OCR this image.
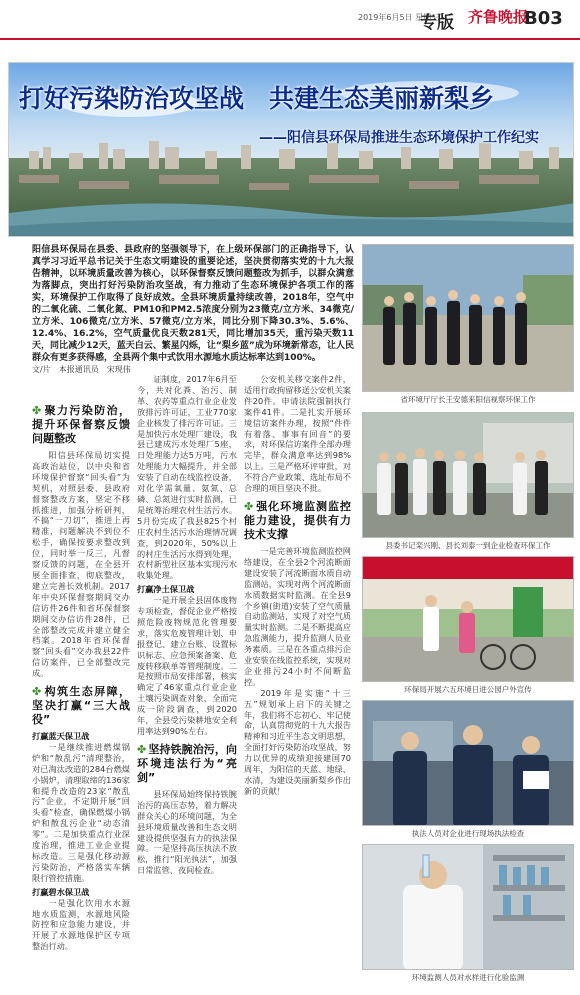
2019年6月5日 星期三
专版 齐鲁晚报
B03
打好污染防治攻坚战　共建生态美丽新梨乡
——阳信县环保局推进生态环境保护工作纪实
阳信县环保局在县委、县政府的坚强领导下，在上级环保部门的正确指导下，认真学习习近平总书记关于生态文明建设的重要论述，坚决贯彻落实党的十九大报告精神，以环境质量改善为核心，以环保督察反馈问题整改为抓手，以群众满意为落脚点，突出打好污染防治攻坚战，有力推动了生态环境保护各项工作的落实，环境保护工作取得了良好成效。全县环境质量持续改善，2018年，空气中的二氧化硫、二氧化氮、PM10和PM2.5浓度分别为23微克/立方米、34微克/立方米、106微克/立方米、57微克/立方米，同比分别下降30.3%、5.6%、12.4%、16.2%，空气质量优良天数281天，同比增加35天，重污染天数11天，同比减少12天，蓝天白云、繁星闪烁，让“梨乡蓝”成为环境新常态，让人民群众有更多获得感，全县两个集中式饮用水源地水质达标率达到100%。
文/片　本报通讯员　宋现伟
✤ 聚力污染防治，提升环保督察反馈问题整改

阳信县环保局切实提高政治站位，以中央和省环境保护督察“回头看”为契机，对照县委、县政府督察整改方案，坚定不移抓推进，加强分析研判，不搞“一刀切”，推进上再精准，问题解决不到位不松手，确保按要求整改到位，同时举一反三，凡督察反馈的问题，在全县开展全面排查，彻底整改，建立完善长效机制。2017年中央环保督察期间交办信访件26件和省环保督察期间交办信访件28件，已全部整改完成并建立健全档案。2018年省环保督察“回头看”交办我县22件信访案件，已全部整改完成。

✤ 构筑生态屏障，坚决打赢“三大战役”
打赢蓝天保卫战

一是继续推进燃煤锅炉和“散乱污”清理整治，对已淘汰改造的284台燃煤小锅炉，清理取缔的136家和提升改造的23家“散乱污”企业，不定期开展“回头看”检查，确保燃煤小锅炉和散乱污企业“动态清零”。二是加快重点行业深度治理，推进工业企业提标改造。三是强化移动源污染防治，严格落实车辆限行管控措施。

打赢碧水保卫战

一是强化饮用水水源地水质监测，水源地风险防控和应急能力建设，并开展了水源地保护区专项整治行动。

证制度，2017年6月至今，共对化粪、治污、制革、农药等重点行业企业发放排污许可证，工业770家企业核发了排污许可证。三是加快污水处理厂建设，我县已建成污水处理厂5座，日处理能力达5万吨，污水处理能力大幅提升，并全部安装了自动在线监控设备，对化学需氧量、氨氮、总磷、总氮进行实时监测，已是统筹治理农村生活污水。5月份完成了我县825个村庄农村生活污水治理情况调查，到2020年，50%以上的村庄生活污水得到处理，农村新型社区基本实现污水收集处理。

打赢净土保卫战

一是开展全县固体废物专项检查，督促企业严格按照危险废物规范化管理要求，落实危废管理计划、申报登记、建立台账、设置标识标志、应急预案备案、危废转移联单等管理制度。二是按照市局安排部署，核实确定了46家重点行业企业土壤污染调查对象，全面完成一阶段调查，到2020年，全县受污染耕地安全利用率达到90%左右。

✤ 坚持铁腕治污，向环境违法行为“亮剑”

县环保局始终保持铁腕治污的高压态势，着力解决群众关心的环境问题，为全县环境质量改善和生态文明建设提供坚强有力的执法保障。一是坚持高压执法不放松，推行“阳光执法”，加强日常监管、夜间检查。

公安机关移交案件2件，适用行政拘留移送公安机关案件20件。申请法院强制执行案件41件。二是扎实开展环境信访案件办理，按照“件件有着落、事事有回音”的要求，对环保信访案件全部办理完毕，群众满意率达到98%以上。三是严格环评审批，对不符合产业政策、选址布局不合理的项目坚决不批。

✤ 强化环境监测监控能力建设，提供有力技术支撑

一是完善环境监测监控网络建设，在全县2个河流断面建设安装了河流断面水质自动监测站，实现对两个河流断面水质数据实时监测。在全县9个乡镇(街道)安装了空气质量自动监测站，实现了对空气质量实时监测。二是不断提高应急监测能力，提升监测人员业务素质。三是在各重点排污企业安装在线监控系统，实现对企业排污24小时不间断监控。

2019年是实施“十三五”规划承上启下的关键之年，我们将不忘初心、牢记使命，认真贯彻党的十九大报告精神和习近平生态文明思想，全面打好污染防治攻坚战，努力以优异的成绩迎接建国70周年，为阳信的天蓝、地绿、水清，为建设美丽新梨乡作出新的贡献！

省环境厅厅长王安德来阳信视察环保工作
县委书记栾兴刚、县长刘泰一到企业检查环保工作
环保局开展六五环境日进公园户外宣传
执法人员对企业进行现场执法检查
环境监测人员对水样进行化验监测
